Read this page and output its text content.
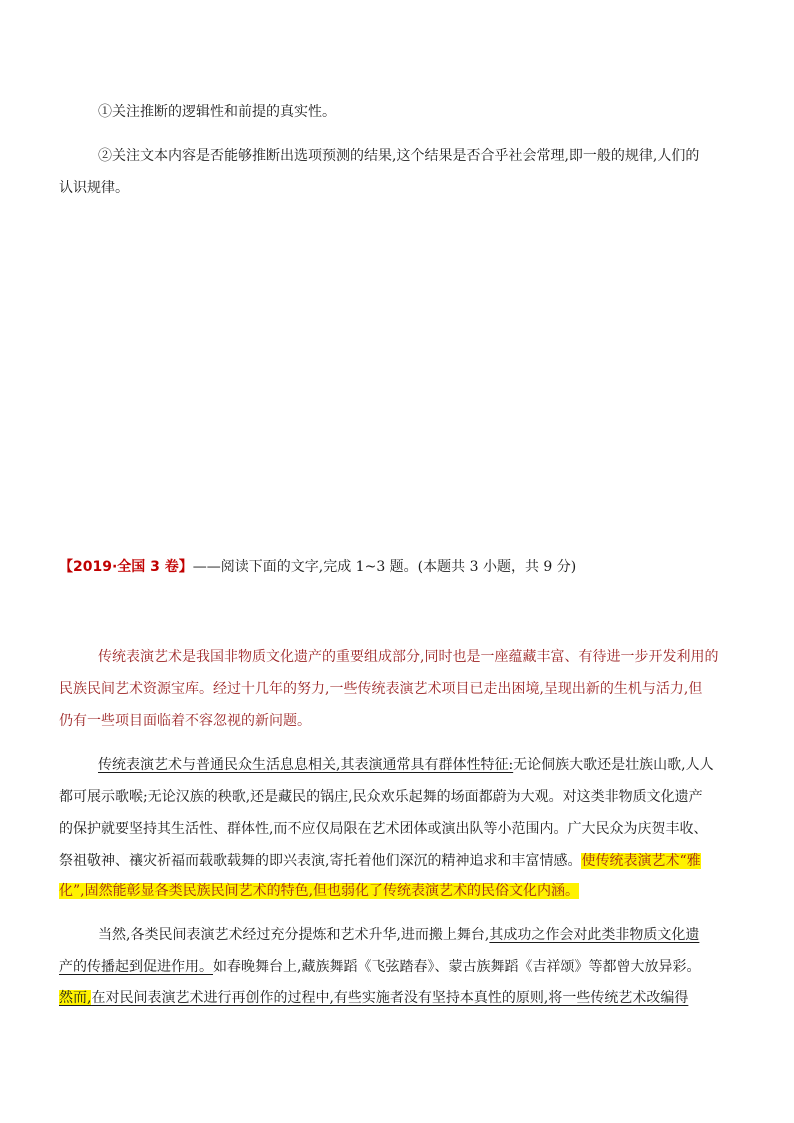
①关注推断的逻辑性和前提的真实性。
②关注文本内容是否能够推断出选项预测的结果,这个结果是否合乎社会常理,即一般的规律,人们的
认识规律。
【2019·全国 3 卷】——阅读下面的文字,完成 1~3 题。(本题共 3 小题，共 9 分)
传统表演艺术是我国非物质文化遗产的重要组成部分,同时也是一座蕴藏丰富、有待进一步开发利用的
民族民间艺术资源宝库。经过十几年的努力,一些传统表演艺术项目已走出困境,呈现出新的生机与活力,但
仍有一些项目面临着不容忽视的新问题。
传统表演艺术与普通民众生活息息相关,其表演通常具有群体性特征:无论侗族大歌还是壮族山歌,人人
都可展示歌喉;无论汉族的秧歌,还是藏民的锅庄,民众欢乐起舞的场面都蔚为大观。对这类非物质文化遗产
的保护就要坚持其生活性、群体性,而不应仅局限在艺术团体或演出队等小范围内。广大民众为庆贺丰收、
祭祖敬神、禳灾祈福而载歌载舞的即兴表演,寄托着他们深沉的精神追求和丰富情感。使传统表演艺术“雅
化”,固然能彰显各类民族民间艺术的特色,但也弱化了传统表演艺术的民俗文化内涵。
当然,各类民间表演艺术经过充分提炼和艺术升华,进而搬上舞台,其成功之作会对此类非物质文化遗
产的传播起到促进作用。如春晚舞台上,藏族舞蹈《飞弦踏春》、蒙古族舞蹈《吉祥颂》等都曾大放异彩。
然而,在对民间表演艺术进行再创作的过程中,有些实施者没有坚持本真性的原则,将一些传统艺术改编得
